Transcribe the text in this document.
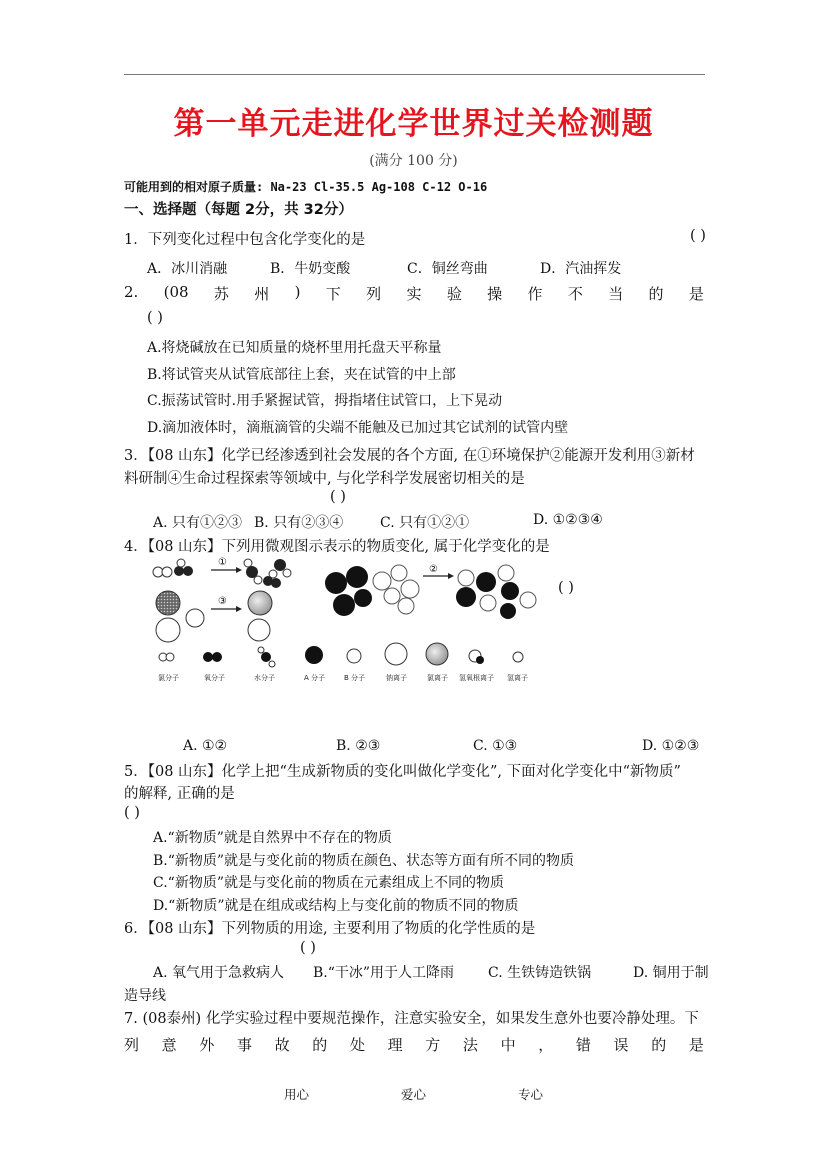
第一单元走进化学世界过关检测题
(满分 100 分)
可能用到的相对原子质量: Na-23 Cl-35.5 Ag-108 C-12 O-16
一、选择题（每题 2分，共 32分）
1．下列变化过程中包含化学变化的是	( )
A．冰川消融	B．牛奶变酸	C．铜丝弯曲	D．汽油挥发
2. (08 苏 州 ) 下 列 实 验 操 作 不 当 的 是
( )
A.将烧碱放在已知质量的烧杯里用托盘天平称量
B.将试管夹从试管底部往上套，夹在试管的中上部
C.振荡试管时.用手紧握试管，拇指堵住试管口，上下晃动
D.滴加液体时，滴瓶滴管的尖端不能触及已加过其它试剂的试管内壁
3．【08 山东】化学已经渗透到社会发展的各个方面, 在①环境保护②能源开发利用③新材
料研制④生命过程探索等领域中, 与化学科学发展密切相关的是
( )
A. 只有①②③ B. 只有②③④	C. 只有①②①	D. ①②③④
4．【08 山东】下列用微观图示表示的物质变化, 属于化学变化的是
①
③
②
氯分子	氧分子	水分子	A 分子	B 分子	钠离子	氯离子 氢氧根离子 氢离子
( )
A. ①②	B. ②③	C. ①③	D. ①②③
5．【08 山东】化学上把“生成新物质的变化叫做化学变化”, 下面对化学变化中“新物质”
的解释, 正确的是
( )
A.“新物质”就是自然界中不存在的物质
B.“新物质”就是与变化前的物质在颜色、状态等方面有所不同的物质
C.“新物质”就是与变化前的物质在元素组成上不同的物质
D.“新物质”就是在组成或结构上与变化前的物质不同的物质
6．【08 山东】下列物质的用途, 主要利用了物质的化学性质的是
( )
A. 氧气用于急救病人 B.“干冰”用于人工降雨 C. 生铁铸造铁锅	D. 铜用于制
造导线
7. (08泰州) 化学实验过程中要规范操作，注意实验安全，如果发生意外也要冷静处理。下
列 意 外 事 故 的 处 理 方 法 中 ， 错 误 的 是
用心	爱心	专心
